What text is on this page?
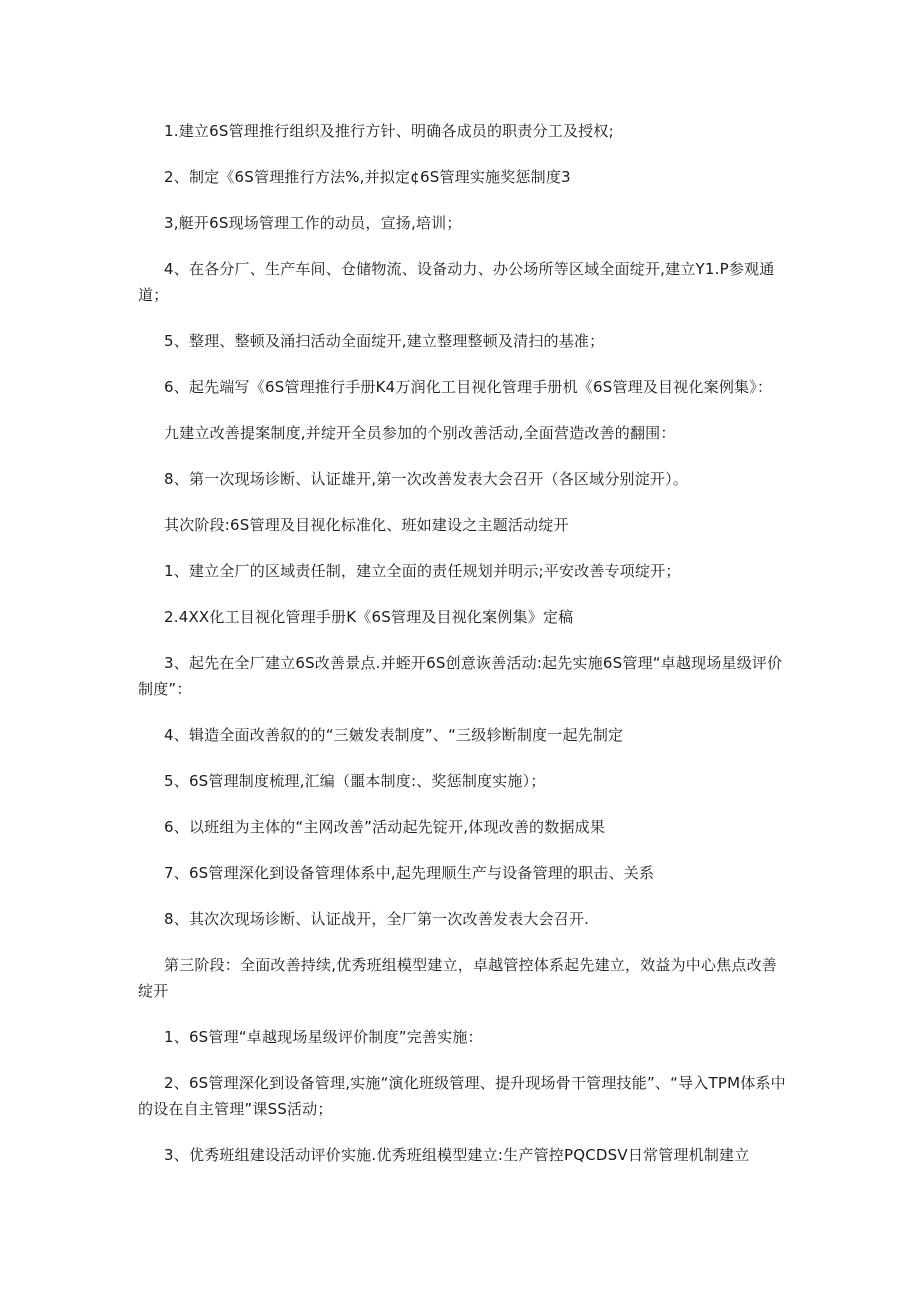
1.建立6S管理推行组织及推行方针、明确各成员的职责分工及授权;

2、制定《6S管理推行方法%,并拟定¢6S管理实施奖惩制度3

3,艇开6S现场管理工作的动员，宣扬,培训；

4、在各分厂、生产车间、仓储物流、设备动力、办公场所等区域全面绽开,建立Y1.P参观通道；

5、整理、整顿及涌扫活动全面绽开,建立整理整顿及清扫的基准；

6、起先端写《6S管理推行手册K4万润化工目视化管理手册机《6S管理及目视化案例集》：

九建立改善提案制度,并绽开全员参加的个别改善活动,全面营造改善的翻围：

8、第一次现场诊断、认证雄开,第一次改善发表大会召开（各区域分别淀开）。

其次阶段:6S管理及目视化标准化、班如建设之主题活动绽开

1、建立全厂的区域责任制，建立全面的责任规划并明示;平安改善专项绽开；

2.4XX化工目视化管理手册K《6S管理及目视化案例集》定稿

3、起先在全厂建立6S改善景点.并蛭开6S创意诙善活动:起先实施6S管理“卓越现场星级评价制度”：

4、辑造全面改善叙的的“三皴发表制度”、“三级轸断制度一起先制定

5、6S管理制度梳理,汇编（噩本制度:、奖惩制度实施）；

6、以班组为主体的“主网改善”活动起先锭开,体现改善的数据成果

7、6S管理深化到设备管理体系中,起先理顺生产与设备管理的职击、关系

8、其次次现场诊断、认证战开，全厂第一次改善发表大会召开.

第三阶段：全面改善持续,优秀班组模型建立，卓越管控体系起先建立，效益为中心焦点改善绽开

1、6S管理“卓越现场星级评价制度”完善实施：

2、6S管理深化到设备管理,实施“演化班级管理、提升现场骨干管理技能”、“导入TPM体系中的设在自主管理”课SS活动；

3、优秀班组建设活动评价实施.优秀班组模型建立:生产管控PQCDSV日常管理机制建立
